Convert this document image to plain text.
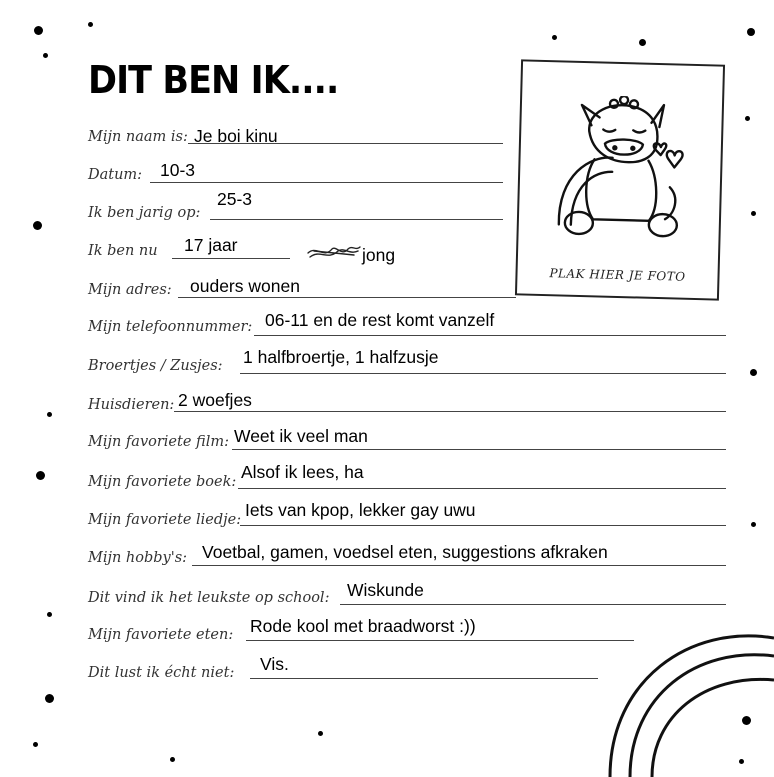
DIT BEN IK....
PLAK HIER JE FOTO
Mijn naam is: Je boi kinu
Datum: 10-3
Ik ben jarig op:
25-3
Ik ben nu 17 jaar	jong
Mijn adres: ouders wonen
Mijn telefoonnummer: 06-11 en de rest komt vanzelf
Broertjes / Zusjes: 1 halfbroertje, 1 halfzusje
Huisdieren: 2 woefjes
Mijn favoriete film: Weet ik veel man
Mijn favoriete boek: Alsof ik lees, ha
Mijn favoriete liedje: Iets van kpop, lekker gay uwu
Mijn hobby's: Voetbal, gamen, voedsel eten, suggestions afkraken
Dit vind ik het leukste op school: Wiskunde
Mijn favoriete eten: Rode kool met braadworst :))
Dit lust ik écht niet: Vis.
